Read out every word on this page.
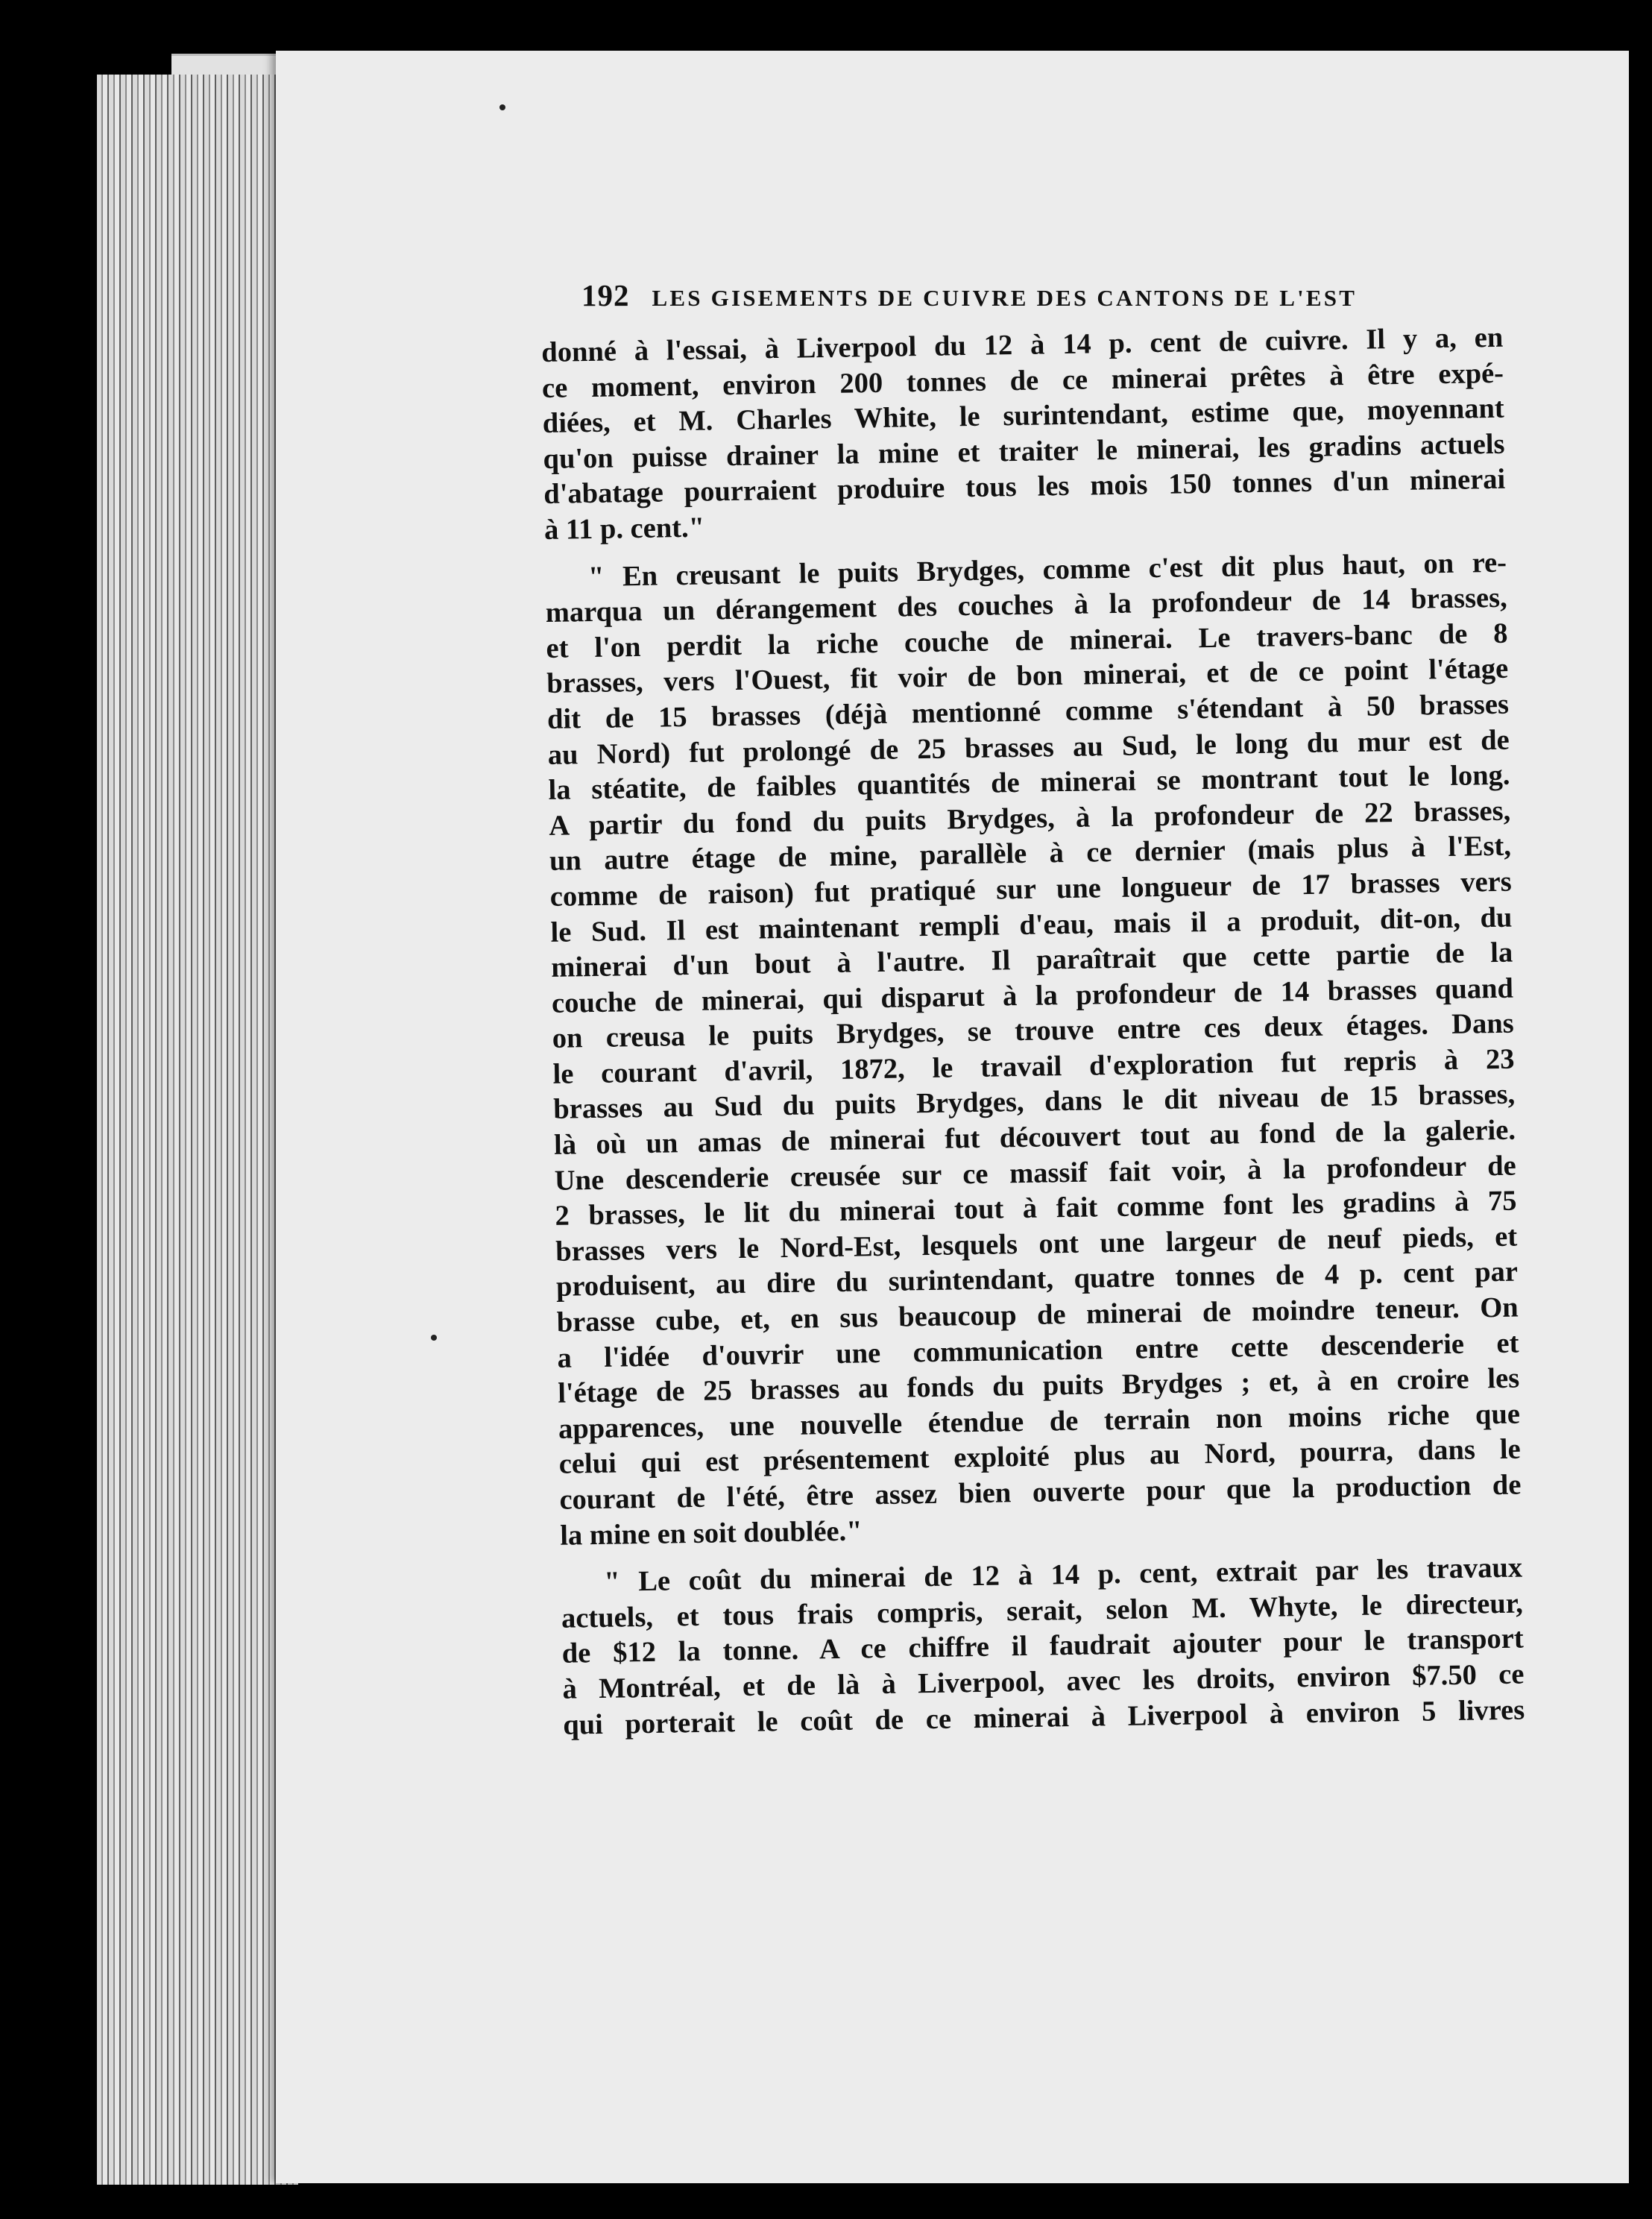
192 LES GISEMENTS DE CUIVRE DES CANTONS DE L'EST

donné à l'essai, à Liverpool du 12 à 14 p. cent de cuivre. Il y a, en
ce moment, environ 200 tonnes de ce minerai prêtes à être expé-
diées, et M. Charles White, le surintendant, estime que, moyennant
qu'on puisse drainer la mine et traiter le minerai, les gradins actuels
d'abatage pourraient produire tous les mois 150 tonnes d'un minerai
à 11 p. cent."

" En creusant le puits Brydges, comme c'est dit plus haut, on re-
marqua un dérangement des couches à la profondeur de 14 brasses,
et l'on perdit la riche couche de minerai. Le travers-banc de 8
brasses, vers l'Ouest, fit voir de bon minerai, et de ce point l'étage
dit de 15 brasses (déjà mentionné comme s'étendant à 50 brasses
au Nord) fut prolongé de 25 brasses au Sud, le long du mur est de
la stéatite, de faibles quantités de minerai se montrant tout le long.
A partir du fond du puits Brydges, à la profondeur de 22 brasses,
un autre étage de mine, parallèle à ce dernier (mais plus à l'Est,
comme de raison) fut pratiqué sur une longueur de 17 brasses vers
le Sud. Il est maintenant rempli d'eau, mais il a produit, dit-on, du
minerai d'un bout à l'autre. Il paraîtrait que cette partie de la
couche de minerai, qui disparut à la profondeur de 14 brasses quand
on creusa le puits Brydges, se trouve entre ces deux étages. Dans
le courant d'avril, 1872, le travail d'exploration fut repris à 23
brasses au Sud du puits Brydges, dans le dit niveau de 15 brasses,
là où un amas de minerai fut découvert tout au fond de la galerie.
Une descenderie creusée sur ce massif fait voir, à la profondeur de
2 brasses, le lit du minerai tout à fait comme font les gradins à 75
brasses vers le Nord-Est, lesquels ont une largeur de neuf pieds, et
produisent, au dire du surintendant, quatre tonnes de 4 p. cent par
brasse cube, et, en sus beaucoup de minerai de moindre teneur. On
a l'idée d'ouvrir une communication entre cette descenderie et
l'étage de 25 brasses au fonds du puits Brydges ; et, à en croire les
apparences, une nouvelle étendue de terrain non moins riche que
celui qui est présentement exploité plus au Nord, pourra, dans le
courant de l'été, être assez bien ouverte pour que la production de
la mine en soit doublée."

" Le coût du minerai de 12 à 14 p. cent, extrait par les travaux
actuels, et tous frais compris, serait, selon M. Whyte, le directeur,
de $12 la tonne. A ce chiffre il faudrait ajouter pour le transport
à Montréal, et de là à Liverpool, avec les droits, environ $7.50 ce
qui porterait le coût de ce minerai à Liverpool à environ 5 livres
